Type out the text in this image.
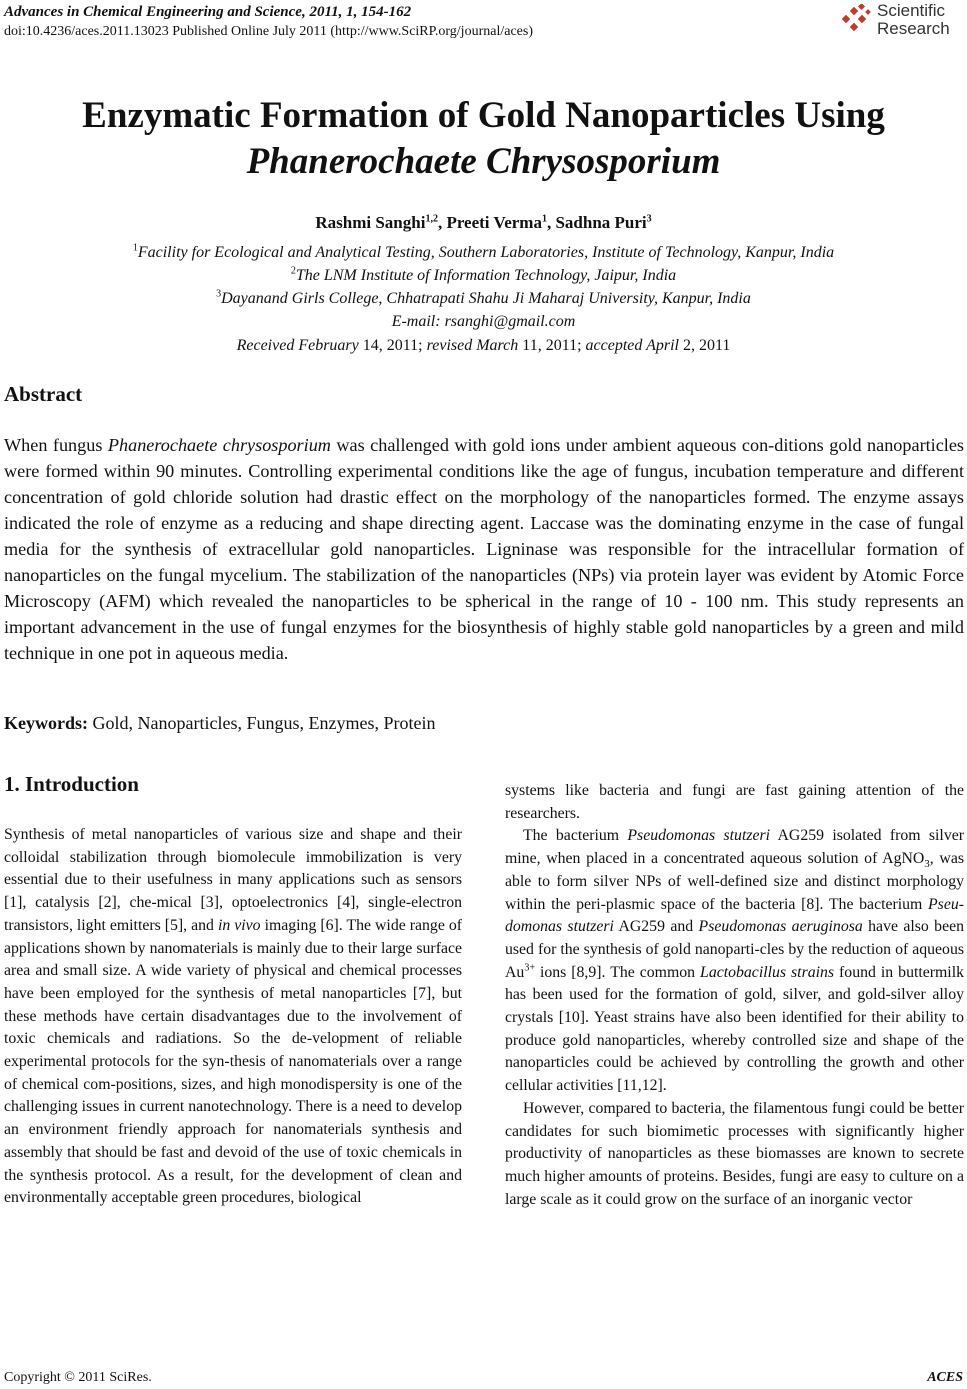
Advances in Chemical Engineering and Science, 2011, 1, 154-162
doi:10.4236/aces.2011.13023 Published Online July 2011 (http://www.SciRP.org/journal/aces)
Scientific
Research
Enzymatic Formation of Gold Nanoparticles Using
Phanerochaete Chrysosporium
Rashmi Sanghi$^{1,2}$, Preeti Verma$^1$, Sadhna Puri$^3$
$^1$Facility for Ecological and Analytical Testing, Southern Laboratories, Institute of Technology, Kanpur, India
$^2$The LNM Institute of Information Technology, Jaipur, India
$^3$Dayanand Girls College, Chhatrapati Shahu Ji Maharaj University, Kanpur, India
E-mail: rsanghi@gmail.com
Received February 14, 2011; revised March 11, 2011; accepted April 2, 2011
Abstract
When fungus Phanerochaete chrysosporium was challenged with gold ions under ambient aqueous con-ditions gold nanoparticles were formed within 90 minutes. Controlling experimental conditions like the age of fungus, incubation temperature and different concentration of gold chloride solution had drastic effect on the morphology of the nanoparticles formed. The enzyme assays indicated the role of enzyme as a reducing and shape directing agent. Laccase was the dominating enzyme in the case of fungal media for the synthesis of extracellular gold nanoparticles. Ligninase was responsible for the intracellular formation of nanoparticles on the fungal mycelium. The stabilization of the nanoparticles (NPs) via protein layer was evident by Atomic Force Microscopy (AFM) which revealed the nanoparticles to be spherical in the range of 10 - 100 nm. This study represents an important advancement in the use of fungal enzymes for the biosynthesis of highly stable gold nanoparticles by a green and mild technique in one pot in aqueous media.
Keywords: Gold, Nanoparticles, Fungus, Enzymes, Protein
1. Introduction

Synthesis of metal nanoparticles of various size and shape and their colloidal stabilization through biomolecule immobilization is very essential due to their usefulness in many applications such as sensors [1], catalysis [2], che-mical [3], optoelectronics [4], single-electron transistors, light emitters [5], and in vivo imaging [6]. The wide range of applications shown by nanomaterials is mainly due to their large surface area and small size. A wide variety of physical and chemical processes have been employed for the synthesis of metal nanoparticles [7], but these methods have certain disadvantages due to the involvement of toxic chemicals and radiations. So the de-velopment of reliable experimental protocols for the syn-thesis of nanomaterials over a range of chemical com-positions, sizes, and high monodispersity is one of the challenging issues in current nanotechnology. There is a need to develop an environment friendly approach for nanomaterials synthesis and assembly that should be fast and devoid of the use of toxic chemicals in the synthesis protocol. As a result, for the development of clean and environmentally acceptable green procedures, biological

systems like bacteria and fungi are fast gaining attention of the researchers.

The bacterium Pseudomonas stutzeri AG259 isolated from silver mine, when placed in a concentrated aqueous solution of AgNO$_3$, was able to form silver NPs of well-defined size and distinct morphology within the peri-plasmic space of the bacteria [8]. The bacterium Pseu-domonas stutzeri AG259 and Pseudomonas aeruginosa have also been used for the synthesis of gold nanoparti-cles by the reduction of aqueous $Au^{3+}$ ions [8,9]. The common Lactobacillus strains found in buttermilk has been used for the formation of gold, silver, and gold-silver alloy crystals [10]. Yeast strains have also been identified for their ability to produce gold nanoparticles, whereby controlled size and shape of the nanoparticles could be achieved by controlling the growth and other cellular activities [11,12].

However, compared to bacteria, the filamentous fungi could be better candidates for such biomimetic processes with significantly higher productivity of nanoparticles as these biomasses are known to secrete much higher amounts of proteins. Besides, fungi are easy to culture on a large scale as it could grow on the surface of an inorganic vector

Copyright © 2011 SciRes.	ACES
